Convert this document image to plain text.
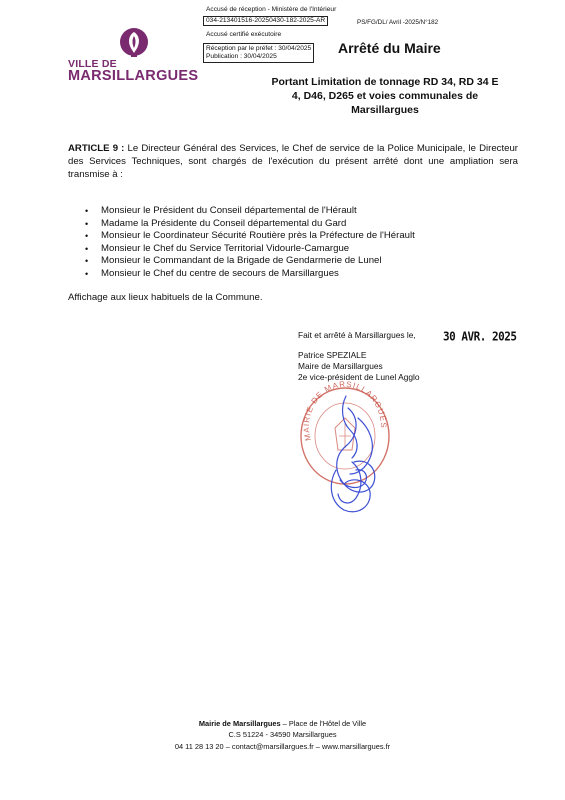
VILLE DE
MARSILLARGUES
Accusé de réception - Ministère de l'Intérieur
034-213401516-20250430-182-2025-AR	PS/FG/DL/ Avril -2025/N°182
Accusé certifié exécutoire
Réception par le préfet : 30/04/2025
Publication : 30/04/2025
Arrêté du Maire
Portant Limitation de tonnage RD 34, RD 34 E 4, D46, D265 et voies communales de Marsillargues
ARTICLE 9 : Le Directeur Général des Services, le Chef de service de la Police Municipale, le Directeur des Services Techniques, sont chargés de l'exécution du présent arrêté dont une ampliation sera transmise à :
• Monsieur le Président du Conseil départemental de l'Hérault
• Madame la Présidente du Conseil départemental du Gard
• Monsieur le Coordinateur Sécurité Routière près la Préfecture de l'Hérault
• Monsieur le Chef du Service Territorial Vidourle-Camargue
• Monsieur le Commandant de la Brigade de Gendarmerie de Lunel
• Monsieur le Chef du centre de secours de Marsillargues
Affichage aux lieux habituels de la Commune.
Fait et arrêté à Marsillargues le, 30 AVR. 2025
Patrice SPEZIALE
Maire de Marsillargues
2e vice-président de Lunel Agglo
MAIRIE DE MARSILLARGUES
Mairie de Marsillargues – Place de l'Hôtel de Ville
C.S 51224 - 34590 Marsillargues
04 11 28 13 20 – contact@marsillargues.fr – www.marsillargues.fr
